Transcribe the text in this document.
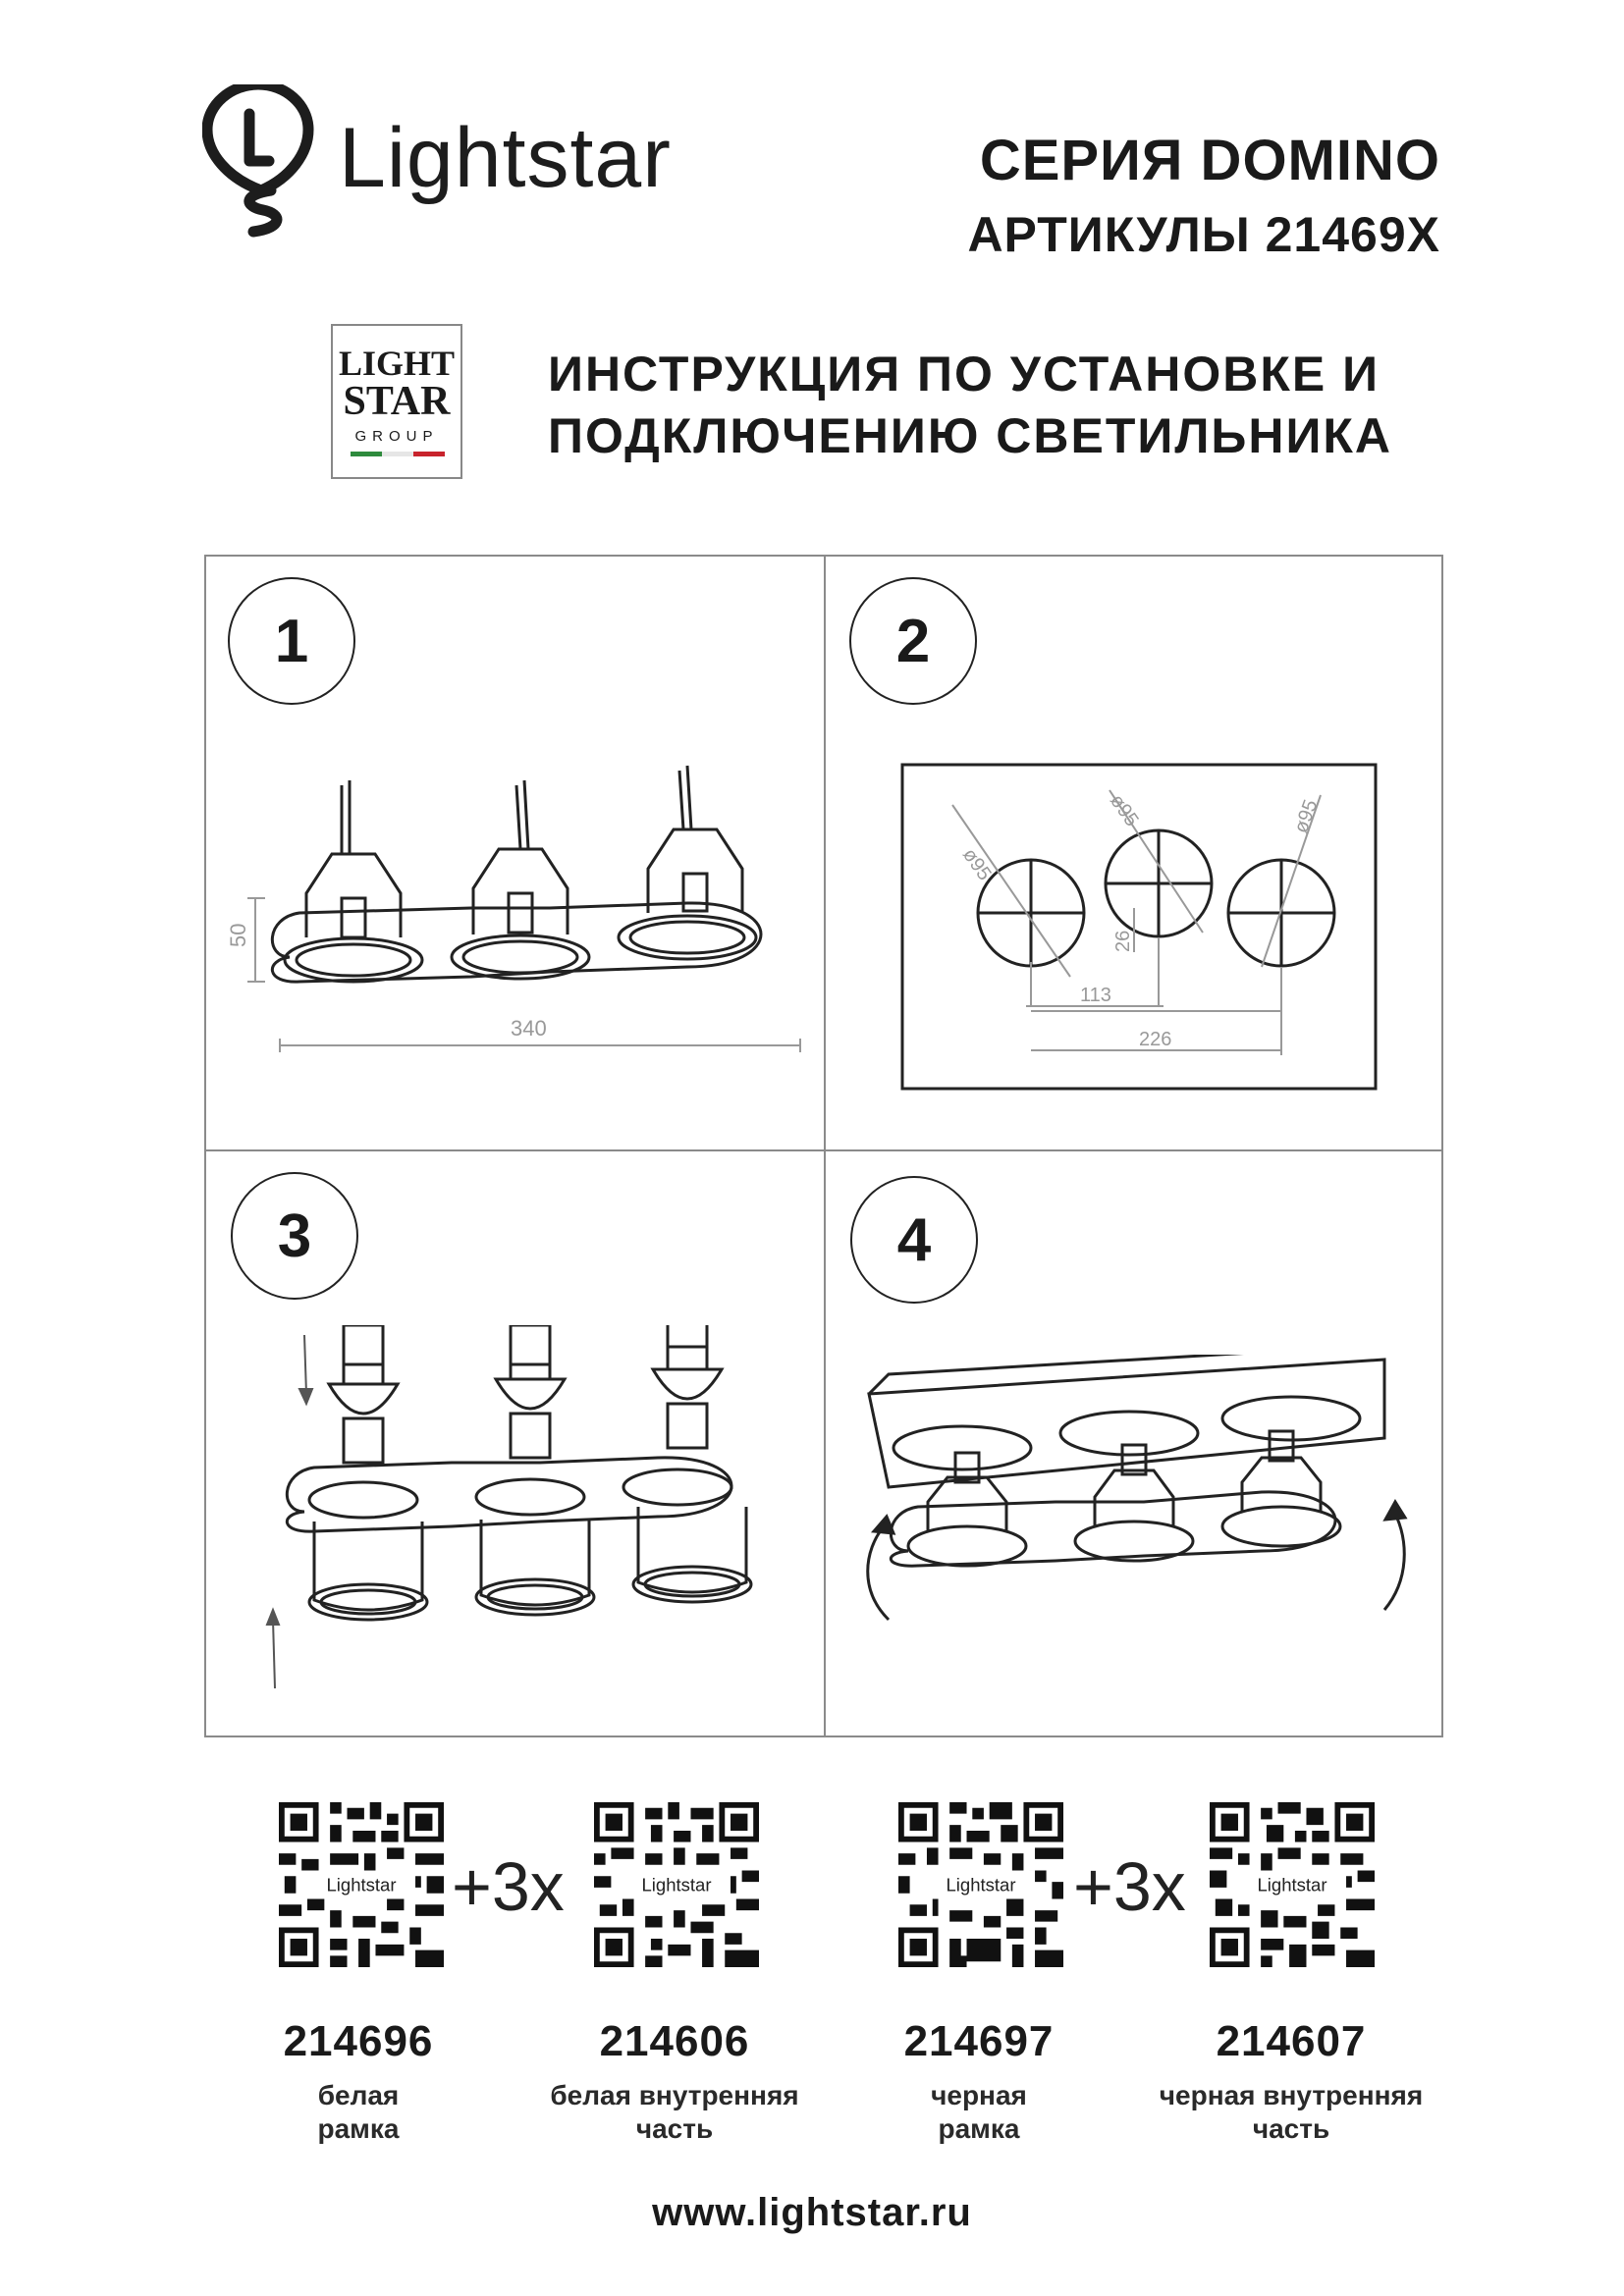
Lightstar	СЕРИЯ DOMINO
АРТИКУЛЫ 21469X
LIGHT
STAR
GROUP
ИНСТРУКЦИЯ ПО УСТАНОВКЕ И
ПОДКЛЮЧЕНИЮ СВЕТИЛЬНИКА
1
50
340
2
ø95
ø95	ø95
26
113
226
3	4
Lightstar +3x	Lightstar	Lightstar +3x	Lightstar
214696
белая
рамка
214606
белая внутренняя
часть
214697
черная
рамка
214607
черная внутренняя
часть
www.lightstar.ru
